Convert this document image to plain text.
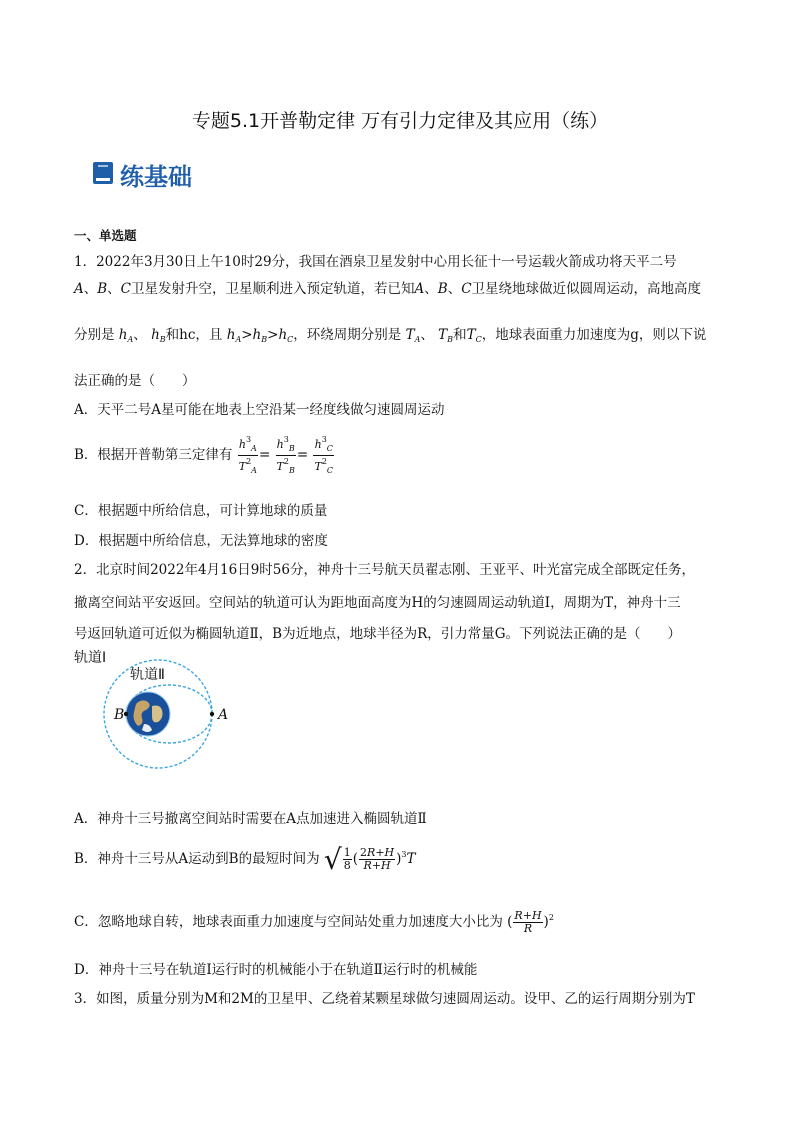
专题5.1开普勒定律 万有引力定律及其应用（练）
练基础
一、单选题
1．2022年3月30日上午10时29分，我国在酒泉卫星发射中心用长征十一号运载火箭成功将天平二号
A、B、C卫星发射升空，卫星顺利进入预定轨道，若已知A、B、C卫星绕地球做近似圆周运动，高地高度
分别是 $h_A$、 $h_B$和hc，且 $h_A>h_B>h_C$，环绕周期分别是 $T_A$、 $T_B$和$T_C$，地球表面重力加速度为g，则以下说
法正确的是（　　）
A．天平二号A星可能在地表上空沿某一经度线做匀速圆周运动
B．根据开普勒第三定律有 $\frac{h^3_A}{T^2_A} = \frac{h^3_B}{T^2_B} = \frac{h^3_C}{T^2_C}$
C．根据题中所给信息，可计算地球的质量
D．根据题中所给信息，无法算地球的密度
2．北京时间2022年4月16日9时56分，神舟十三号航天员翟志刚、王亚平、叶光富完成全部既定任务，
撤离空间站平安返回。空间站的轨道可认为距地面高度为H的匀速圆周运动轨道Ⅰ，周期为T，神舟十三
号返回轨道可近似为椭圆轨道Ⅱ，B为近地点，地球半径为R，引力常量G。下列说法正确的是（　　）
轨道Ⅰ
轨道Ⅱ
B	A
A．神舟十三号撤离空间站时需要在A点加速进入椭圆轨道Ⅱ
B．神舟十三号从A运动到B的最短时间为 √ $\frac{1}{8}$ ( $\frac{2R+H}{R+H} )^3T$
C．忽略地球自转，地球表面重力加速度与空间站处重力加速度大小比为 ( $\frac{R+H}{R} )^2$
D．神舟十三号在轨道Ⅰ运行时的机械能小于在轨道Ⅱ运行时的机械能
3．如图，质量分别为M和2M的卫星甲、乙绕着某颗星球做匀速圆周运动。设甲、乙的运行周期分别为T
